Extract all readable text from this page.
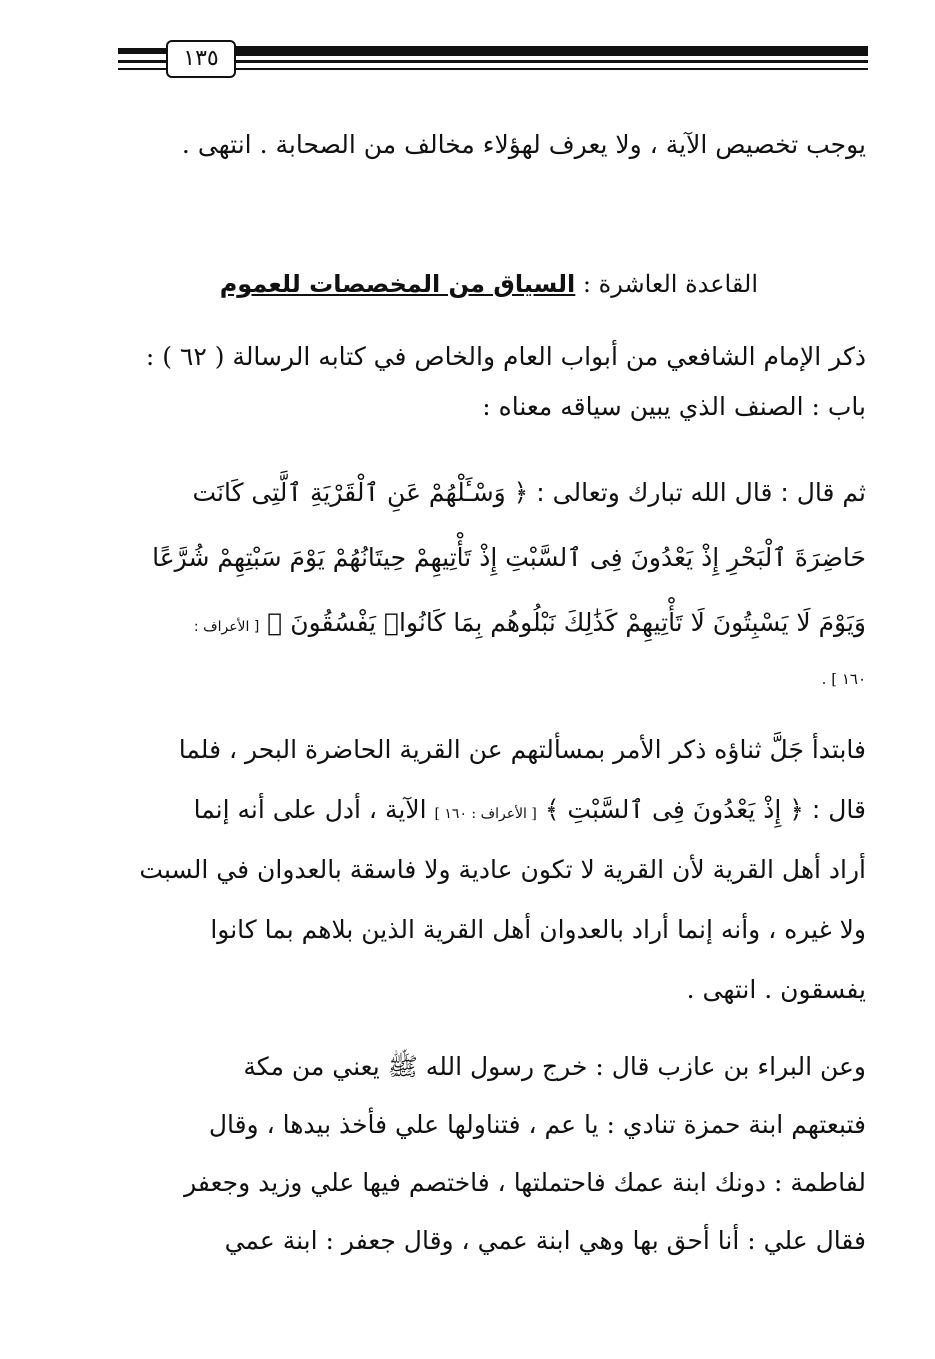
١٣٥
يوجب تخصيص الآية ، ولا يعرف لهؤلاء مخالف من الصحابة . انتهى .
القاعدة العاشرة : السياق من المخصصات للعموم
ذكر الإمام الشافعي من أبواب العام والخاص في كتابه الرسالة ( ٦٢ ) :
باب : الصنف الذي يبين سياقه معناه :
ثم قال : قال الله تبارك وتعالى : ﴿ وَسْـَٔلْهُمْ عَنِ ٱلْقَرْيَةِ ٱلَّتِى كَانَت
حَاضِرَةَ ٱلْبَحْرِ إِذْ يَعْدُونَ فِى ٱلسَّبْتِ إِذْ تَأْتِيهِمْ حِيتَانُهُمْ يَوْمَ سَبْتِهِمْ شُرَّعًا
وَيَوْمَ لَا يَسْبِتُونَ لَا تَأْتِيهِمْ كَذَٰلِكَ نَبْلُوهُم بِمَا كَانُوا۟ يَفْسُقُونَ ﴾ [ الأعراف :
١٦٠ ] .
فابتدأ جَلَّ ثناؤه ذكر الأمر بمسألتهم عن القرية الحاضرة البحر ، فلما
قال : ﴿ إِذْ يَعْدُونَ فِى ٱلسَّبْتِ ﴾ [ الأعراف : ١٦٠ ] الآية ، أدل على أنه إنما
أراد أهل القرية لأن القرية لا تكون عادية ولا فاسقة بالعدوان في السبت
ولا غيره ، وأنه إنما أراد بالعدوان أهل القرية الذين بلاهم بما كانوا
يفسقون . انتهى .
وعن البراء بن عازب قال : خرج رسول الله ﷺ يعني من مكة
فتبعتهم ابنة حمزة تنادي : يا عم ، فتناولها علي فأخذ بيدها ، وقال
لفاطمة : دونك ابنة عمك فاحتملتها ، فاختصم فيها علي وزيد وجعفر
فقال علي : أنا أحق بها وهي ابنة عمي ، وقال جعفر : ابنة عمي
